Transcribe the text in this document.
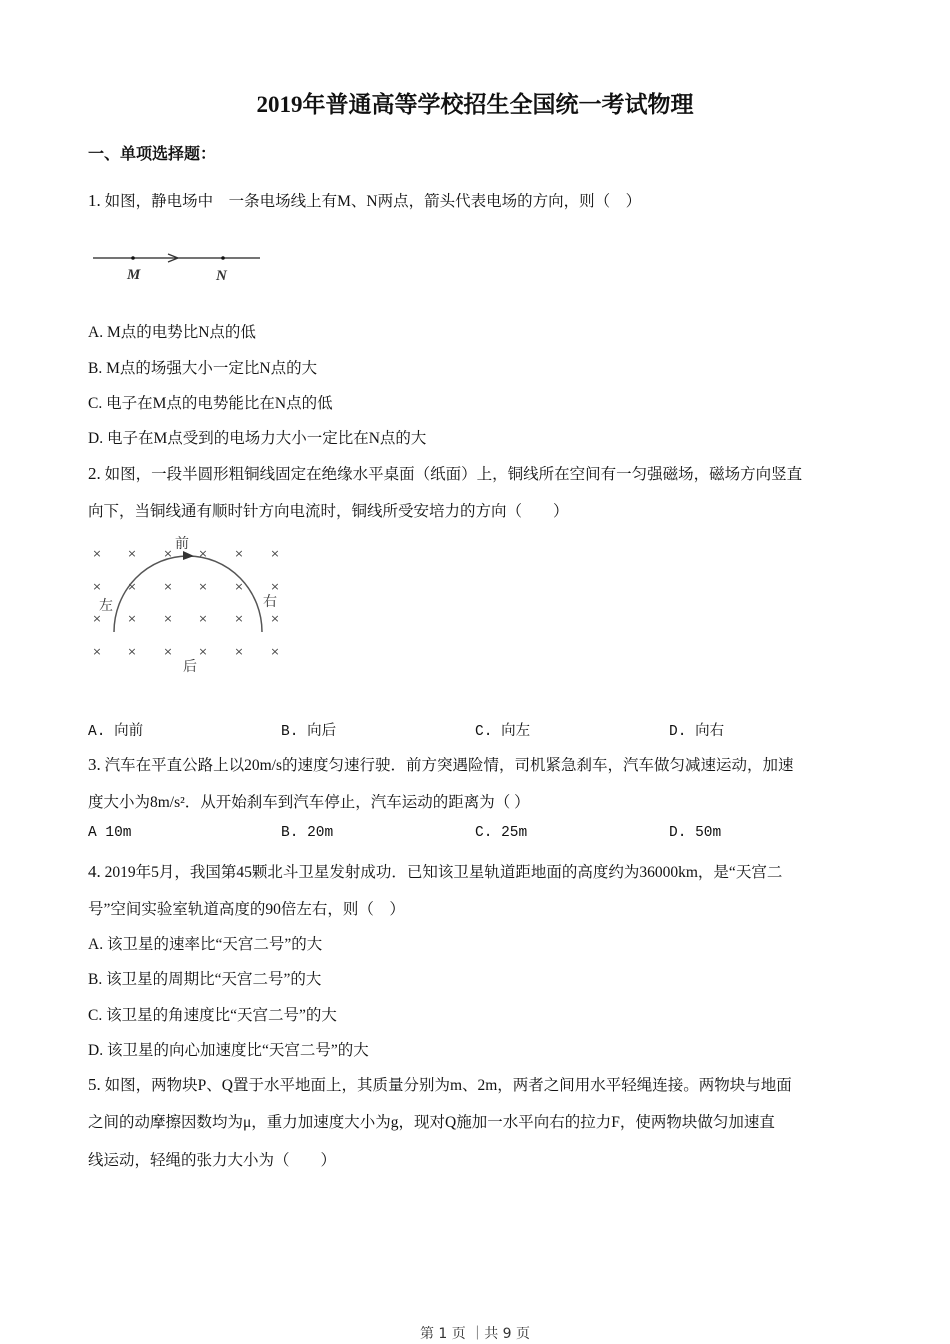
2019年普通高等学校招生全国统一考试物理
一、单项选择题：
1. 如图，静电场中　一条电场线上有M、N两点，箭头代表电场的方向，则（　）
M	N
A. M点的电势比N点的低
B. M点的场强大小一定比N点的大
C. 电子在M点的电势能比在N点的低
D. 电子在M点受到的电场力大小一定比在N点的大
2. 如图，一段半圆形粗铜线固定在绝缘水平桌面（纸面）上，铜线所在空间有一匀强磁场，磁场方向竖直
向下，当铜线通有顺时针方向电流时，铜线所受安培力的方向（　　）
× × × × × ×
× × × × × ×
× × × × × ×
× × × × × ×
前
后
左	右
A. 向前	B. 向后	C. 向左	D. 向右
3. 汽车在平直公路上以20m/s的速度匀速行驶．前方突遇险情，司机紧急刹车，汽车做匀减速运动，加速
度大小为8m/s²．从开始刹车到汽车停止，汽车运动的距离为（ ）
A 10m	B. 20m	C. 25m	D. 50m
4. 2019年5月，我国第45颗北斗卫星发射成功．已知该卫星轨道距地面的高度约为36000km，是“天宫二
号”空间实验室轨道高度的90倍左右，则（　）
A. 该卫星的速率比“天宫二号”的大
B. 该卫星的周期比“天宫二号”的大
C. 该卫星的角速度比“天宫二号”的大
D. 该卫星的向心加速度比“天宫二号”的大
5. 如图，两物块P、Q置于水平地面上，其质量分别为m、2m，两者之间用水平轻绳连接。两物块与地面
之间的动摩擦因数均为μ，重力加速度大小为g，现对Q施加一水平向右的拉力F，使两物块做匀加速直
线运动，轻绳的张力大小为（　　）
第 1 页 ｜共 9 页
